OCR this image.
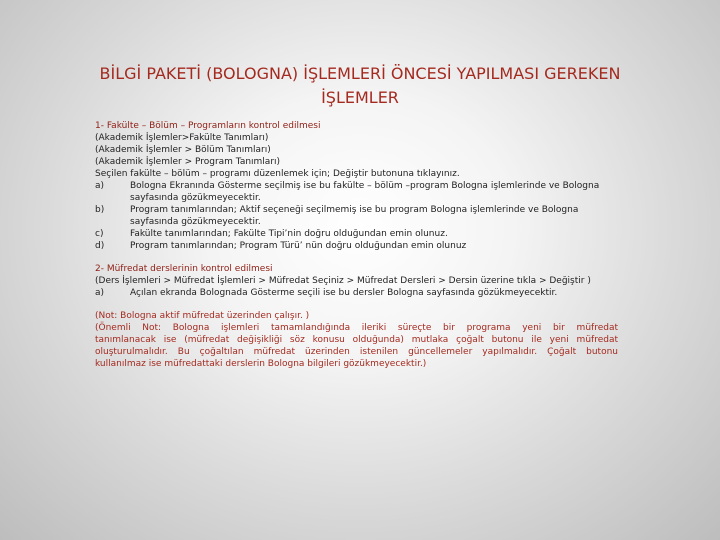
BİLGİ PAKETİ (BOLOGNA) İŞLEMLERİ ÖNCESİ YAPILMASI GEREKEN İŞLEMLER
1- Fakülte – Bölüm – Programların kontrol edilmesi
(Akademik İşlemler>Fakülte Tanımları)
(Akademik İşlemler > Bölüm Tanımları)
(Akademik İşlemler > Program Tanımları)
Seçilen fakülte – bölüm – programı düzenlemek için; Değiştir butonuna tıklayınız.
a)	Bologna Ekranında Gösterme seçilmiş ise bu fakülte – bölüm –program Bologna işlemlerinde ve Bologna sayfasında gözükmeyecektir.
b)	Program tanımlarından; Aktif seçeneği seçilmemiş ise bu program Bologna işlemlerinde ve Bologna sayfasında gözükmeyecektir.
c)	Fakülte tanımlarından; Fakülte Tipi’nin doğru olduğundan emin olunuz.
d)	Program tanımlarından; Program Türü’ nün doğru olduğundan emin olunuz
2- Müfredat derslerinin kontrol edilmesi
(Ders İşlemleri > Müfredat İşlemleri > Müfredat Seçiniz > Müfredat Dersleri > Dersin üzerine tıkla > Değiştir )
a)	Açılan ekranda Bolognada Gösterme seçili ise bu dersler Bologna sayfasında gözükmeyecektir.
(Not: Bologna aktif müfredat üzerinden çalışır. )
(Önemli Not: Bologna işlemleri tamamlandığında ileriki süreçte bir programa yeni bir müfredat
tanımlanacak ise (müfredat değişikliği söz konusu olduğunda) mutlaka çoğalt butonu ile yeni müfredat
oluşturulmalıdır. Bu çoğaltılan müfredat üzerinden istenilen güncellemeler yapılmalıdır. Çoğalt butonu
kullanılmaz ise müfredattaki derslerin Bologna bilgileri gözükmeyecektir.)
